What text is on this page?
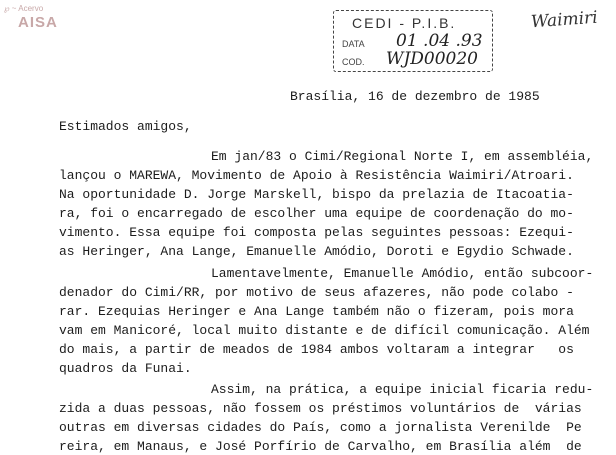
℘ ~ Acervo
AISA	CEDI - P.I.B.
DATA 01 .04 .93
COD. WJD00020
Waimiri
Brasília, 16 de dezembro de 1985
Estimados amigos,
Em jan/83 o Cimi/Regional Norte I, em assembléia,
lançou o MAREWA, Movimento de Apoio à Resistência Waimiri/Atroari.
Na oportunidade D. Jorge Marskell, bispo da prelazia de Itacoatia-
ra, foi o encarregado de escolher uma equipe de coordenação do mo-
vimento. Essa equipe foi composta pelas seguintes pessoas: Ezequi-
as Heringer, Ana Lange, Emanuelle Amódio, Doroti e Egydio Schwade.
Lamentavelmente, Emanuelle Amódio, então subcoor-
denador do Cimi/RR, por motivo de seus afazeres, não pode colabo -
rar. Ezequias Heringer e Ana Lange também não o fizeram, pois mora
vam em Manicoré, local muito distante e de difícil comunicação. Além
do mais, a partir de meados de 1984 ambos voltaram a integrar   os
quadros da Funai.
Assim, na prática, a equipe inicial ficaria redu-
zida a duas pessoas, não fossem os préstimos voluntários de  várias
outras em diversas cidades do País, como a jornalista Verenilde  Pe
reira, em Manaus, e José Porfírio de Carvalho, em Brasília além  de
